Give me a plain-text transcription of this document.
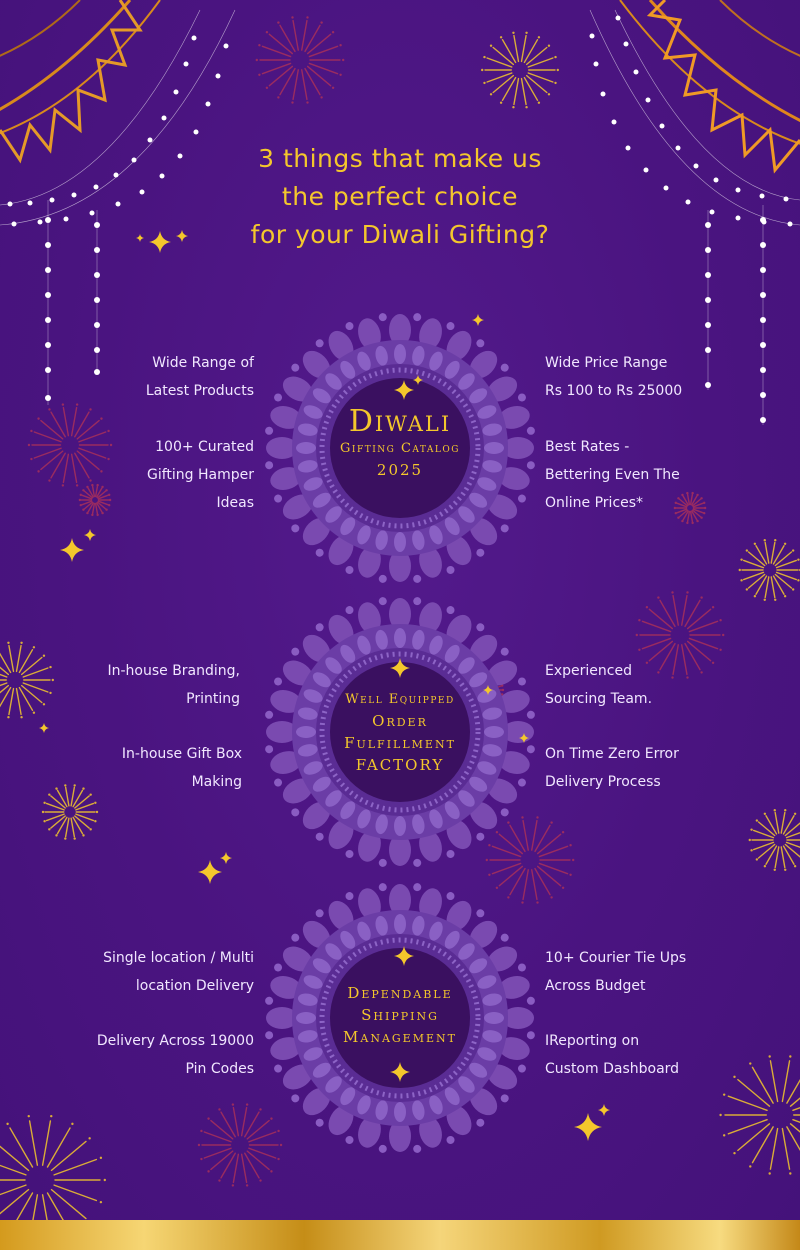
3 things that make us
the perfect choice
for your Diwali Gifting?
Wide Range of
Latest Products
100+ Curated
Gifting Hamper
Ideas
Wide Price Range
Rs 100 to Rs 25000
Best Rates -
Bettering Even The
Online Prices*
Diwali
Gifting Catalog
2025
In-house Branding,
Printing
In-house Gift Box
Making
Experienced
Sourcing Team.
On Time Zero Error
Delivery Process
Well Equipped
Order
Fulfillment
FACTORY
Single location / Multi
location Delivery
Delivery Across 19000
Pin Codes
10+ Courier Tie Ups
Across Budget
IReporting on
Custom Dashboard
Dependable
Shipping
Management
